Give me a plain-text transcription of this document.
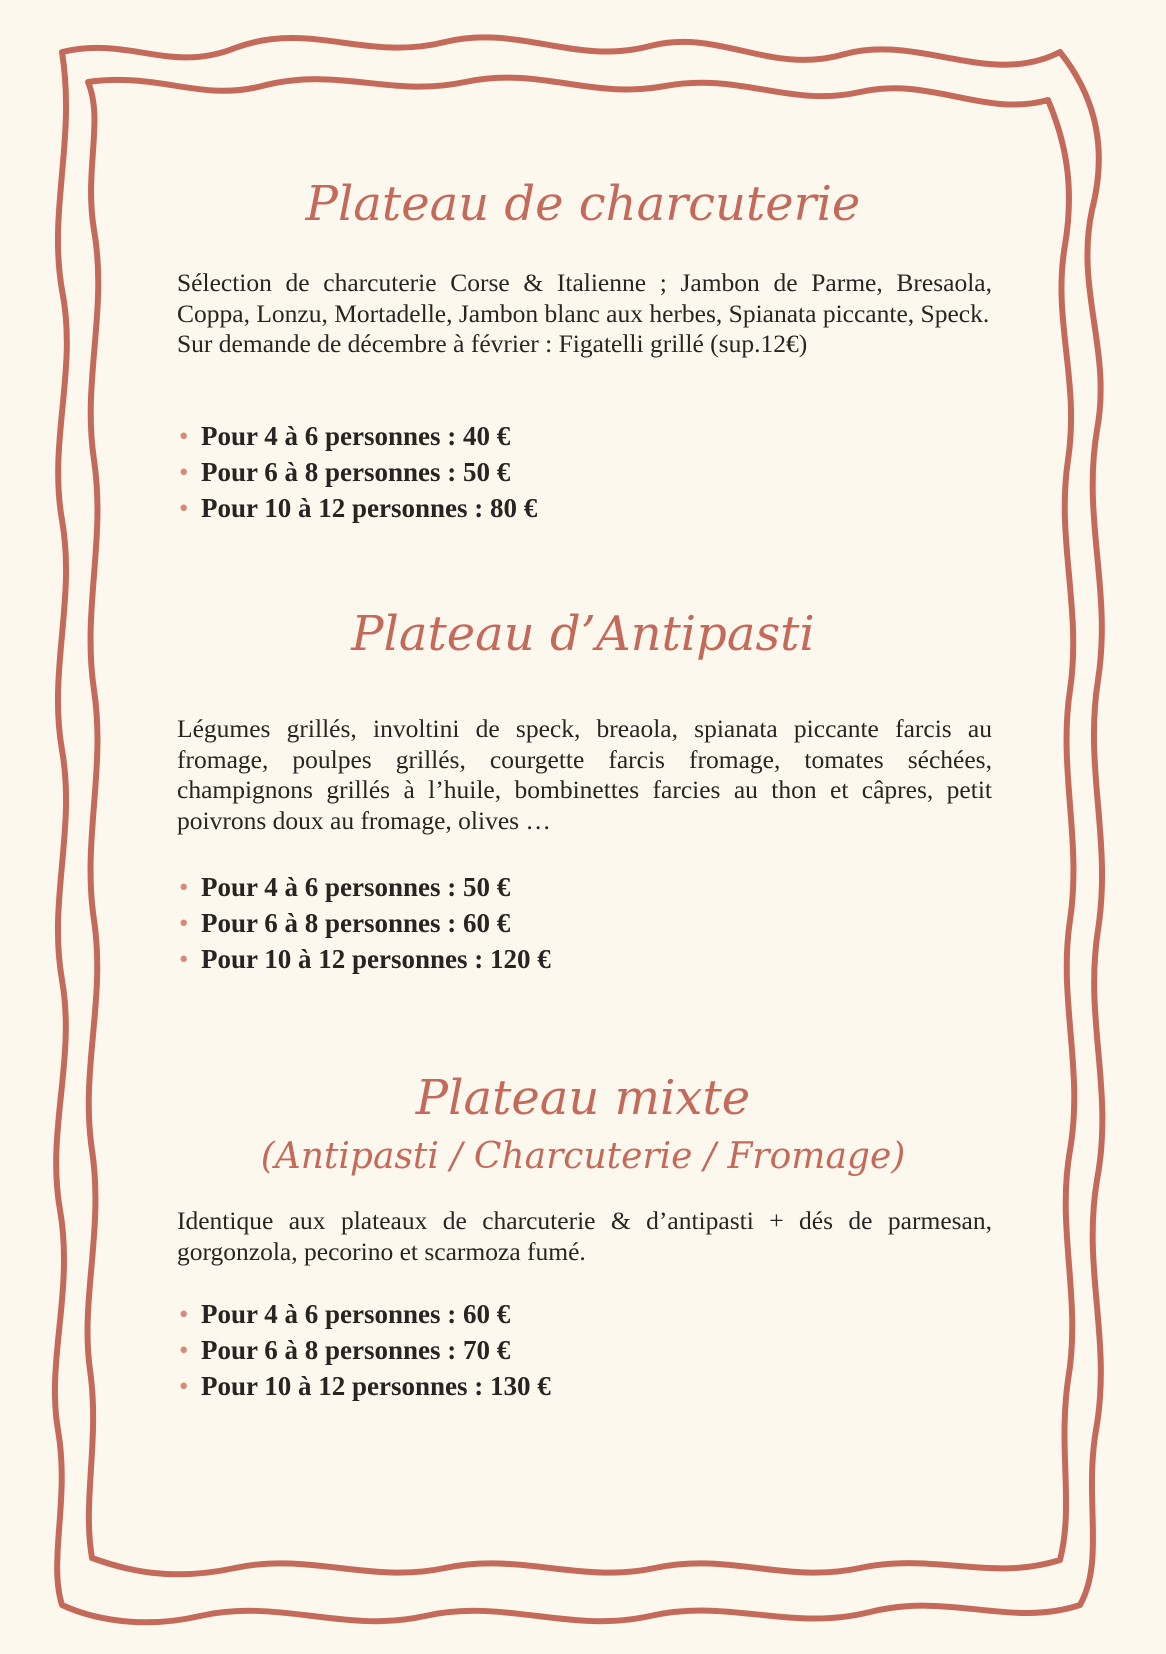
Plateau de charcuterie

Sélection de charcuterie Corse & Italienne ; Jambon de Parme, Bresaola, Coppa, Lonzu, Mortadelle, Jambon blanc aux herbes, Spianata piccante, Speck.

Sur demande de décembre à février : Figatelli grillé (sup.12€)

• Pour 4 à 6 personnes : 40 €
• Pour 6 à 8 personnes : 50 €
• Pour 10 à 12 personnes : 80 €
Plateau d’Antipasti

Légumes grillés, involtini de speck, breaola, spianata piccante farcis au fromage, poulpes grillés, courgette farcis fromage, tomates séchées, champignons grillés à l’huile, bombinettes farcies au thon et câpres, petit poivrons doux au fromage, olives …

• Pour 4 à 6 personnes : 50 €
• Pour 6 à 8 personnes : 60 €
• Pour 10 à 12 personnes : 120 €
Plateau mixte
(Antipasti / Charcuterie / Fromage)

Identique aux plateaux de charcuterie & d’antipasti + dés de parmesan, gorgonzola, pecorino et scarmoza fumé.

• Pour 4 à 6 personnes : 60 €
• Pour 6 à 8 personnes : 70 €
• Pour 10 à 12 personnes : 130 €
